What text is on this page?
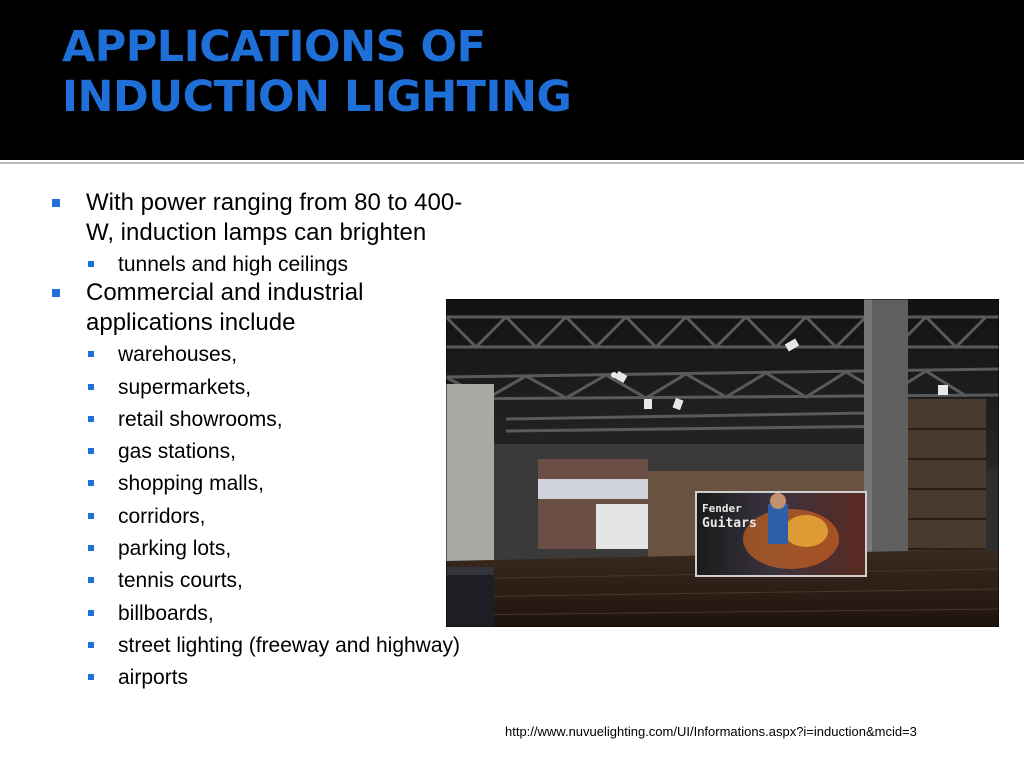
APPLICATIONS OF
INDUCTION LIGHTING
With power ranging from 80 to 400-W, induction lamps can brighten
tunnels and high ceilings
Commercial and industrial applications include
warehouses,
supermarkets,
retail showrooms,
gas stations,
shopping malls,
corridors,
parking lots,
tennis courts,
billboards,
street lighting (freeway and highway)
airports
Fender
Guitars
http://www.nuvuelighting.com/UI/Informations.aspx?i=induction&mcid=3
